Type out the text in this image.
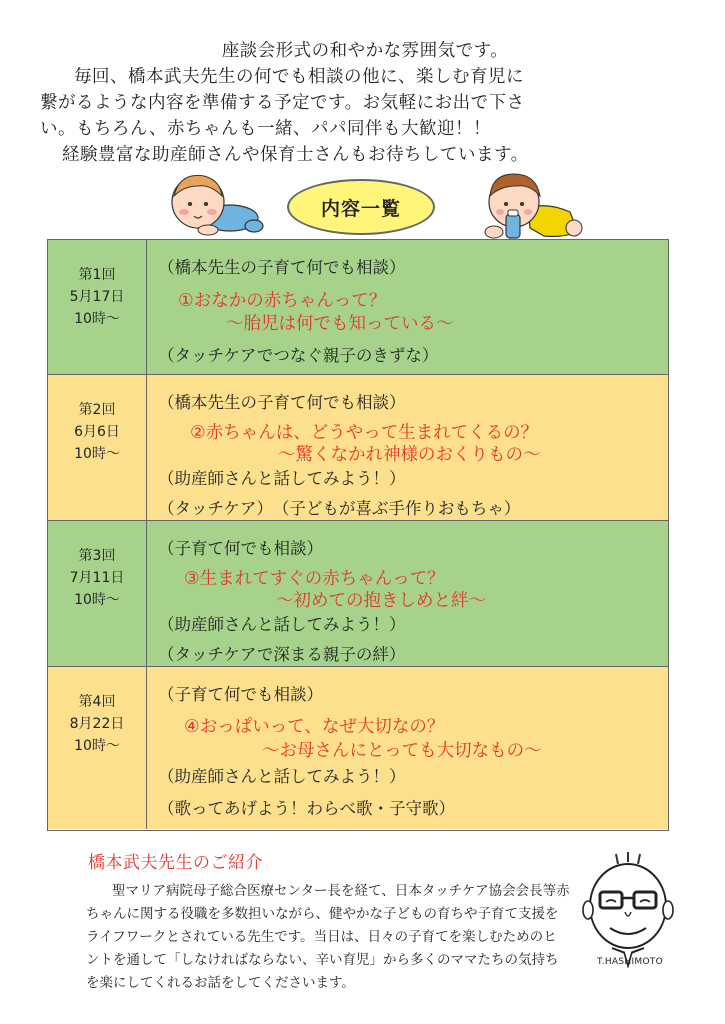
座談会形式の和やかな雰囲気です。
毎回、橋本武夫先生の何でも相談の他に、楽しむ育児に
繋がるような内容を準備する予定です。お気軽にお出で下さ
い。もちろん、赤ちゃんも一緒、パパ同伴も大歓迎！！
経験豊富な助産師さんや保育士さんもお待ちしています。
内容一覧
第1回
5月17日
10時～
（橋本先生の子育て何でも相談）
①おなかの赤ちゃんって？
～胎児は何でも知っている～
（タッチケアでつなぐ親子のきずな）
第2回
6月6日
10時～
（橋本先生の子育て何でも相談）
②赤ちゃんは、どうやって生まれてくるの？
～驚くなかれ神様のおくりもの～
（助産師さんと話してみよう！）
（タッチケア）　（子どもが喜ぶ手作りおもちゃ）
第3回
7月11日
10時～
（子育て何でも相談）
③生まれてすぐの赤ちゃんって？
～初めての抱きしめと絆～
（助産師さんと話してみよう！）
（タッチケアで深まる親子の絆）
第4回
8月22日
10時～
（子育て何でも相談）
④おっぱいって、なぜ大切なの？
～お母さんにとっても大切なもの～
（助産師さんと話してみよう！）
（歌ってあげよう！わらべ歌・子守歌）
橋本武夫先生のご紹介
聖マリア病院母子総合医療センター長を経て、日本タッチケア協会会長等赤
ちゃんに関する役職を多数担いながら、健やかな子どもの育ちや子育て支援を
ライフワークとされている先生です。当日は、日々の子育てを楽しむためのヒ
ントを通して「しなければならない、辛い育児」から多くのママたちの気持ち
を楽にしてくれるお話をしてくださいます。
T.HASHIMOTO
